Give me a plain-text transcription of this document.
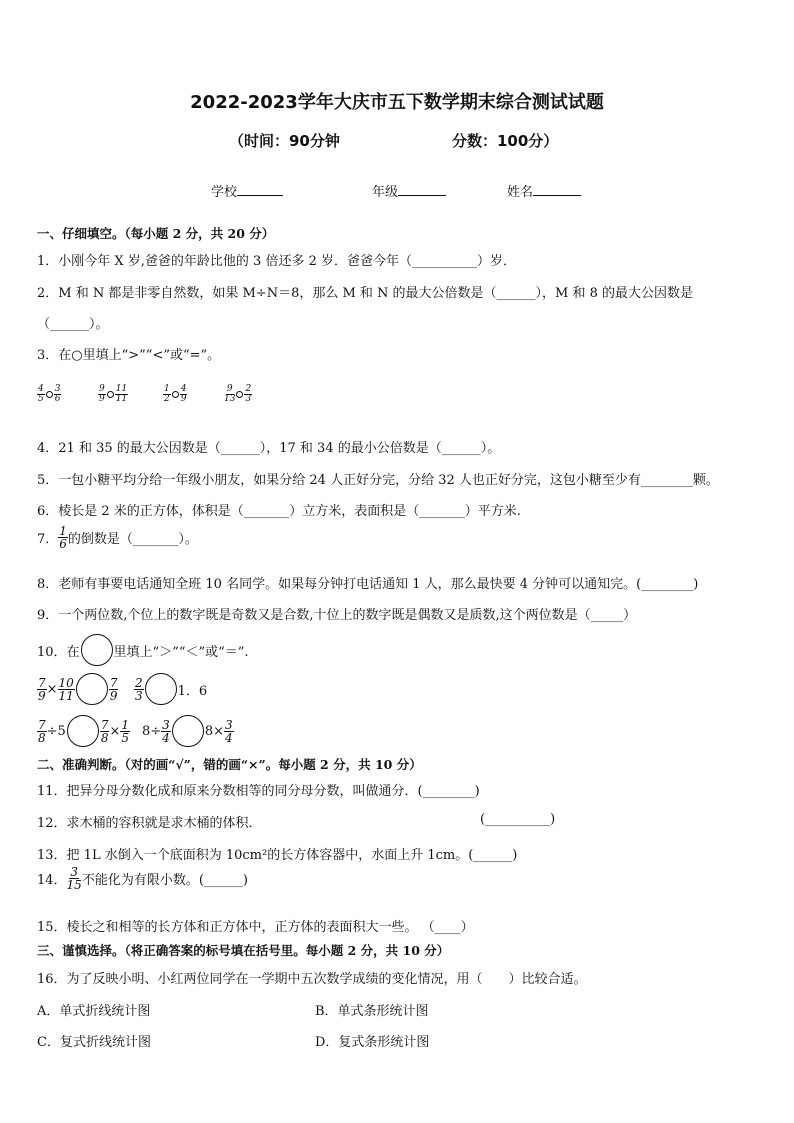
2022-2023学年大庆市五下数学期末综合测试试题
（时间：90分钟	分数：100分）
学校	年级	姓名
一、仔细填空。（每小题 2 分，共 20 分）
1．小刚今年 X 岁,爸爸的年龄比他的 3 倍还多 2 岁．爸爸今年（__________）岁．
2．M 和 N 都是非零自然数，如果 M÷N＝8，那么 M 和 N 的最大公倍数是（______），M 和 8 的最大公因数是
（______）。
3．在○里填上“>”“<”或“=”。
$\frac{4}{5} \frac{3}{6}$	$\frac{9}{9} \frac{11}{11}$	$\frac{1}{2} \frac{4}{9}$	$\frac{9}{13} \frac{2}{3}$
4．21 和 35 的最大公因数是（______），17 和 34 的最小公倍数是（______）。
5．一包小糖平均分给一年级小朋友，如果分给 24 人正好分完，分给 32 人也正好分完，这包小糖至少有________颗。
6．棱长是 2 米的正方体，体积是（_______）立方米，表面积是（_______）平方米.
7． $\frac{1}{6}$ 的倒数是（_______）。
8．老师有事要电话通知全班 10 名同学。如果每分钟打电话通知 1 人，那么最快要 4 分钟可以通知完。(________)
9．一个两位数,个位上的数字既是奇数又是合数,十位上的数字既是偶数又是质数,这个两位数是（_____）
10．在	里填上“＞”“＜”或“＝”.
$\frac{7}{9} \times \frac{10}{11}$	$\frac{7}{9} \frac{2}{3}$	1．6
$\frac{7}{8} \div 5$	$\frac{7}{8} \times \frac{1}{5} 8\div \frac{3}{4}$	$8\times \frac{3}{4}$
二、准确判断。（对的画“√”，错的画“×”。每小题 2 分，共 10 分）
11．把异分母分数化成和原来分数相等的同分母分数，叫做通分．(________)
12．求木桶的容积就是求木桶的体积．	(__________)
13．把 1L 水倒入一个底面积为 10cm²的长方体容器中，水面上升 1cm。(______)
14． $\frac{3}{15}$ 不能化为有限小数。(______)
15．棱长之和相等的长方体和正方体中，正方体的表面积大一些。 （____）
三、谨慎选择。（将正确答案的标号填在括号里。每小题 2 分，共 10 分）
16．为了反映小明、小红两位同学在一学期中五次数学成绩的变化情况，用（　　）比较合适。
A．单式折线统计图	B．单式条形统计图
C．复式折线统计图	D．复式条形统计图
